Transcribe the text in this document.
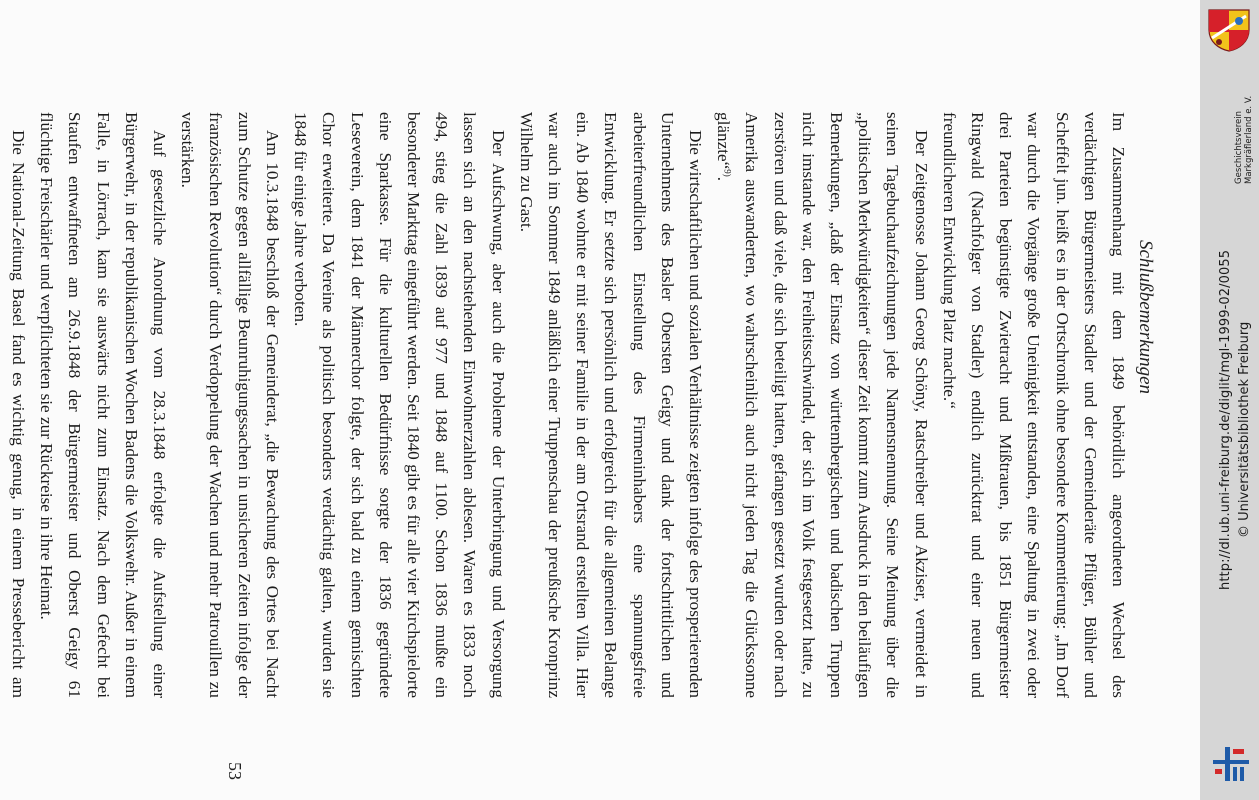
Schlußbemerkungen

Im Zusammenhang mit dem 1849 behördlich angeordneten Wechsel des verdächtigen Bürgermeisters Stadler und der Gemeinderäte Pflüger, Bühler und Scheffelt jun. heißt es in der Ortschronik ohne besondere Kommentierung: „Im Dorf war durch die Vorgänge große Uneinigkeit entstanden, eine Spaltung in zwei oder drei Parteien begünstigte Zwietracht und Mißtrauen, bis 1851 Bürgermeister Ringwald (Nachfolger von Stadler) endlich zurücktrat und einer neuen und freundlicheren Entwicklung Platz machte.“

Der Zeitgenosse Johann Georg Schöny, Ratschreiber und Akziser, vermeidet in seinen Tagebuchaufzeichnungen jede Namensnennung. Seine Meinung über die „politischen Merkwürdigkeiten“ dieser Zeit kommt zum Ausdruck in den beiläufigen Bemerkungen, „daß der Einsatz von württembergischen und badischen Truppen nicht imstande war, den Freiheitsschwindel, der sich im Volk festgesetzt hatte, zu zerstören und daß viele, die sich beteiligt hatten, gefangen gesetzt wurden oder nach Amerika auswanderten, wo wahrscheinlich auch nicht jeden Tag die Glückssonne glänzte“$^{9)}$.

Die wirtschaftlichen und sozialen Verhältnisse zeigten infolge des prosperierenden Unternehmens des Basler Obersten Geigy und dank der fortschrittlichen und arbeiterfreundlichen Einstellung des Firmeninhabers eine spannungsfreie Entwicklung. Er setzte sich persönlich und erfolgreich für die allgemeinen Belange ein. Ab 1840 wohnte er mit seiner Familie in der am Ortsrand erstellten Villa. Hier war auch im Sommer 1849 anläßlich einer Truppenschau der preußische Kronprinz Wilhelm zu Gast.

Der Aufschwung, aber auch die Probleme der Unterbringung und Versorgung lassen sich an den nachstehenden Einwohnerzahlen ablesen. Waren es 1833 noch 494, stieg die Zahl 1839 auf 977 und 1848 auf 1100. Schon 1836 mußte ein besonderer Markttag eingeführt werden. Seit 1840 gibt es für alle vier Kirchspielorte eine Sparkasse. Für die kulturellen Bedürfnisse sorgte der 1836 gegründete Leseverein, dem 1841 der Männerchor folgte, der sich bald zu einem gemischten Chor erweiterte. Da Vereine als politisch besonders verdächtig galten, wurden sie 1848 für einige Jahre verboten.

Am 10.3.1848 beschloß der Gemeinderat, „die Bewachung des Ortes bei Nacht zum Schutze gegen allfällige Beunruhigungssachen in unsicheren Zeiten infolge der französischen Revolution“ durch Verdoppelung der Wachen und mehr Patrouillen zu verstärken.

Auf gesetzliche Anordnung vom 28.3.1848 erfolgte die Aufstellung einer Bürgerwehr, in der republikanischen Wochen Badens die Volkswehr. Außer in einem Falle, in Lörrach, kam sie auswärts nicht zum Einsatz. Nach dem Gefecht bei Staufen entwaffneten am 26.9.1848 der Bürgermeister und Oberst Geigy 61 flüchtige Freischärler und verpflichteten sie zur Rückreise in ihre Heimat.

Die National-Zeitung Basel fand es wichtig genug, in einem Pressebericht am

53
Geschichtsverein Markgräflerland e. V.
http://dl.ub.uni-freiburg.de/diglit/mgl-1999-02/0055 © Universitätsbibliothek Freiburg
